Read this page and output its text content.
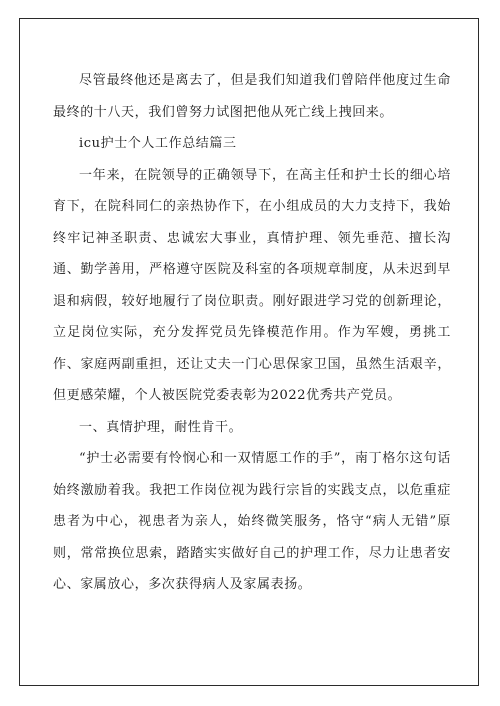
尽管最终他还是离去了，但是我们知道我们曾陪伴他度过生命最终的十八天，我们曾努力试图把他从死亡线上拽回来。

icu护士个人工作总结篇三

一年来，在院领导的正确领导下，在高主任和护士长的细心培育下，在院科同仁的亲热协作下，在小组成员的大力支持下，我始终牢记神圣职责、忠诚宏大事业，真情护理、领先垂范、擅长沟通、勤学善用，严格遵守医院及科室的各项规章制度，从未迟到早退和病假，较好地履行了岗位职责。刚好跟进学习党的创新理论，立足岗位实际，充分发挥党员先锋模范作用。作为军嫂，勇挑工作、家庭两副重担，还让丈夫一门心思保家卫国，虽然生活艰辛，但更感荣耀，个人被医院党委表彰为2022优秀共产党员。

一、真情护理，耐性肯干。

“护士必需要有怜悯心和一双情愿工作的手”，南丁格尔这句话始终激励着我。我把工作岗位视为践行宗旨的实践支点，以危重症患者为中心，视患者为亲人，始终微笑服务，恪守“病人无错”原则，常常换位思索，踏踏实实做好自己的护理工作，尽力让患者安心、家属放心，多次获得病人及家属表扬。
